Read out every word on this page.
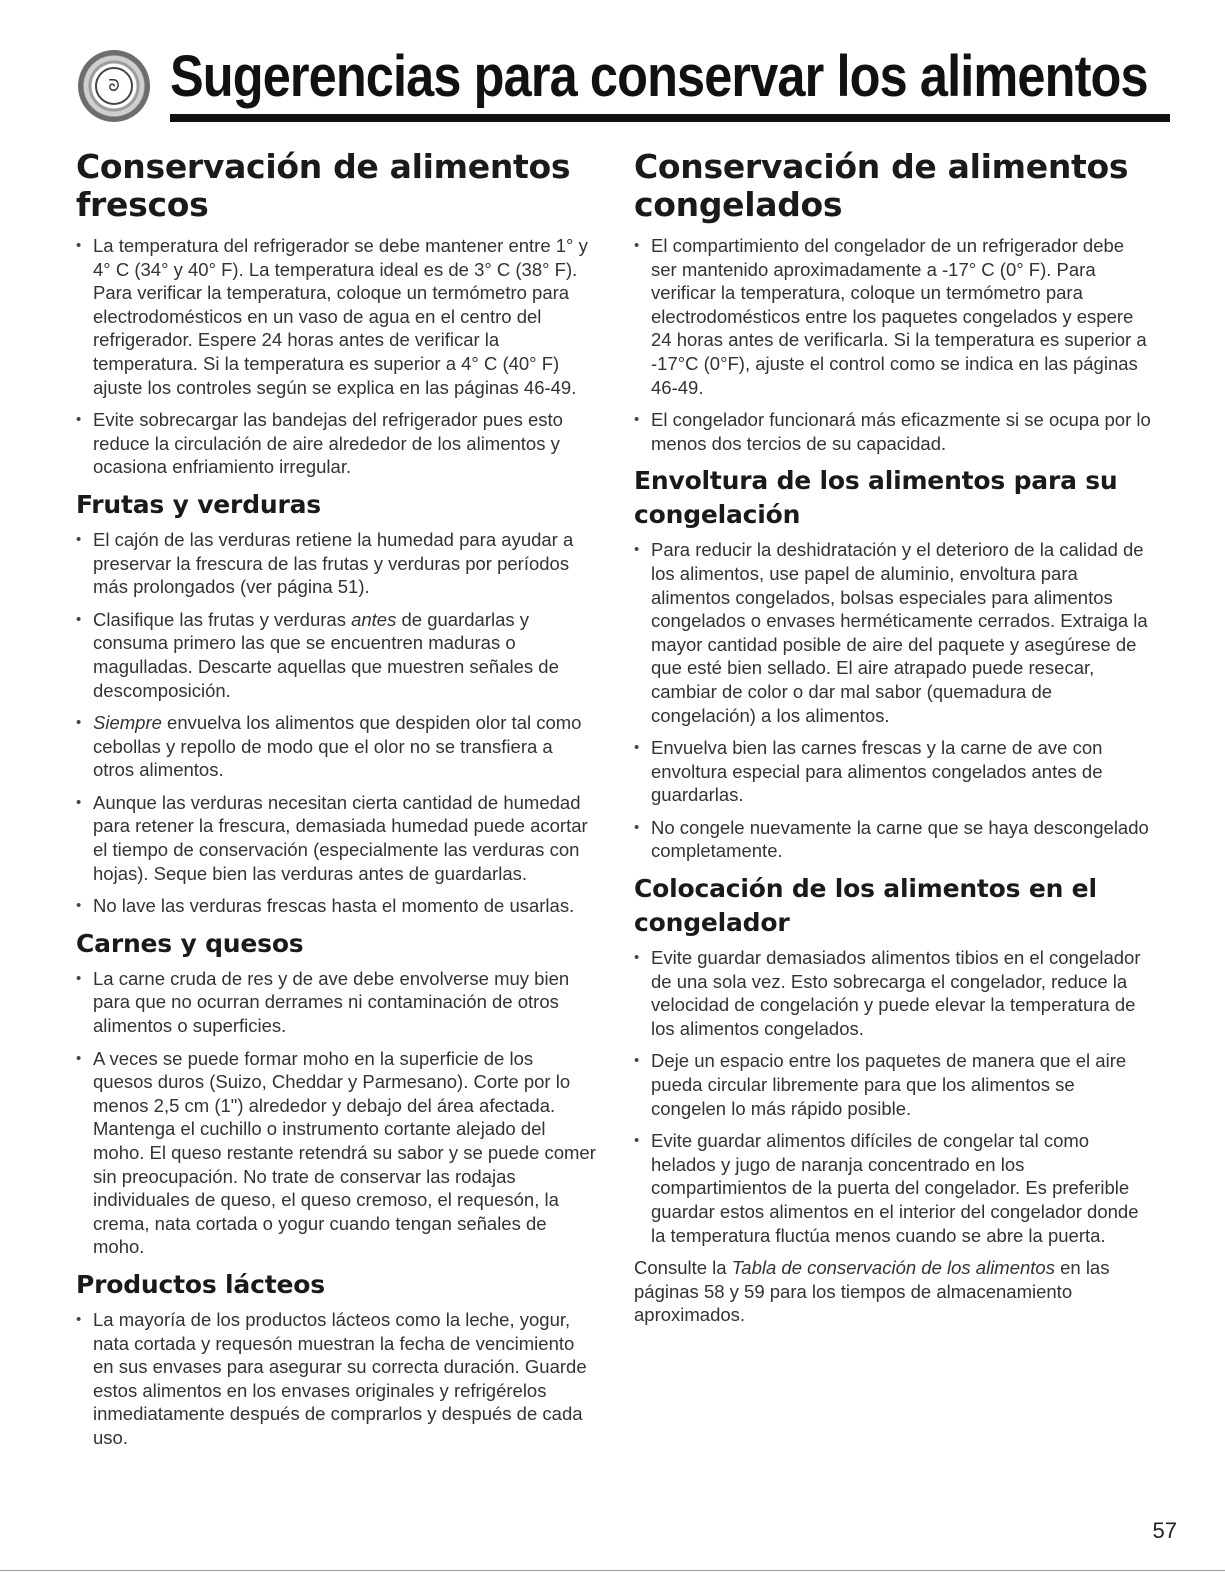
ᘐ Sugerencias para conservar los alimentos
Conservación de alimentos frescos
• La temperatura del refrigerador se debe mantener entre 1° y 4° C (34° y 40° F). La temperatura ideal es de 3° C (38° F). Para verificar la temperatura, coloque un termómetro para electrodomésticos en un vaso de agua en el centro del refrigerador. Espere 24 horas antes de verificar la temperatura. Si la temperatura es superior a 4° C (40° F) ajuste los controles según se explica en las páginas 46-49.
• Evite sobrecargar las bandejas del refrigerador pues esto reduce la circulación de aire alrededor de los alimentos y ocasiona enfriamiento irregular.
Frutas y verduras
• El cajón de las verduras retiene la humedad para ayudar a preservar la frescura de las frutas y verduras por períodos más prolongados (ver página 51).
• Clasifique las frutas y verduras antes de guardarlas y consuma primero las que se encuentren maduras o magulladas. Descarte aquellas que muestren señales de descomposición.
• Siempre envuelva los alimentos que despiden olor tal como cebollas y repollo de modo que el olor no se transfiera a otros alimentos.
• Aunque las verduras necesitan cierta cantidad de humedad para retener la frescura, demasiada humedad puede acortar el tiempo de conservación (especialmente las verduras con hojas). Seque bien las verduras antes de guardarlas.
• No lave las verduras frescas hasta el momento de usarlas.
Carnes y quesos
• La carne cruda de res y de ave debe envolverse muy bien para que no ocurran derrames ni contaminación de otros alimentos o superficies.
• A veces se puede formar moho en la superficie de los quesos duros (Suizo, Cheddar y Parmesano). Corte por lo menos 2,5 cm (1") alrededor y debajo del área afectada. Mantenga el cuchillo o instrumento cortante alejado del moho. El queso restante retendrá su sabor y se puede comer sin preocupación. No trate de conservar las rodajas individuales de queso, el queso cremoso, el requesón, la crema, nata cortada o yogur cuando tengan señales de moho.
Productos lácteos
• La mayoría de los productos lácteos como la leche, yogur, nata cortada y requesón muestran la fecha de vencimiento en sus envases para asegurar su correcta duración. Guarde estos alimentos en los envases originales y refrigérelos inmediatamente después de comprarlos y después de cada uso.
Conservación de alimentos congelados
• El compartimiento del congelador de un refrigerador debe ser mantenido aproximadamente a -17° C (0° F). Para verificar la temperatura, coloque un termómetro para electrodomésticos entre los paquetes congelados y espere 24 horas antes de verificarla. Si la temperatura es superior a -17°C (0°F), ajuste el control como se indica en las páginas 46-49.
• El congelador funcionará más eficazmente si se ocupa por lo menos dos tercios de su capacidad.
Envoltura de los alimentos para su congelación
• Para reducir la deshidratación y el deterioro de la calidad de los alimentos, use papel de aluminio, envoltura para alimentos congelados, bolsas especiales para alimentos congelados o envases herméticamente cerrados. Extraiga la mayor cantidad posible de aire del paquete y asegúrese de que esté bien sellado. El aire atrapado puede resecar, cambiar de color o dar mal sabor (quemadura de congelación) a los alimentos.
• Envuelva bien las carnes frescas y la carne de ave con envoltura especial para alimentos congelados antes de guardarlas.
• No congele nuevamente la carne que se haya descongelado completamente.
Colocación de los alimentos en el congelador
• Evite guardar demasiados alimentos tibios en el congelador de una sola vez. Esto sobrecarga el congelador, reduce la velocidad de congelación y puede elevar la temperatura de los alimentos congelados.
• Deje un espacio entre los paquetes de manera que el aire pueda circular libremente para que los alimentos se congelen lo más rápido posible.
• Evite guardar alimentos difíciles de congelar tal como helados y jugo de naranja concentrado en los compartimientos de la puerta del congelador. Es preferible guardar estos alimentos en el interior del congelador donde la temperatura fluctúa menos cuando se abre la puerta.

Consulte la Tabla de conservación de los alimentos en las páginas 58 y 59 para los tiempos de almacenamiento aproximados.

57
